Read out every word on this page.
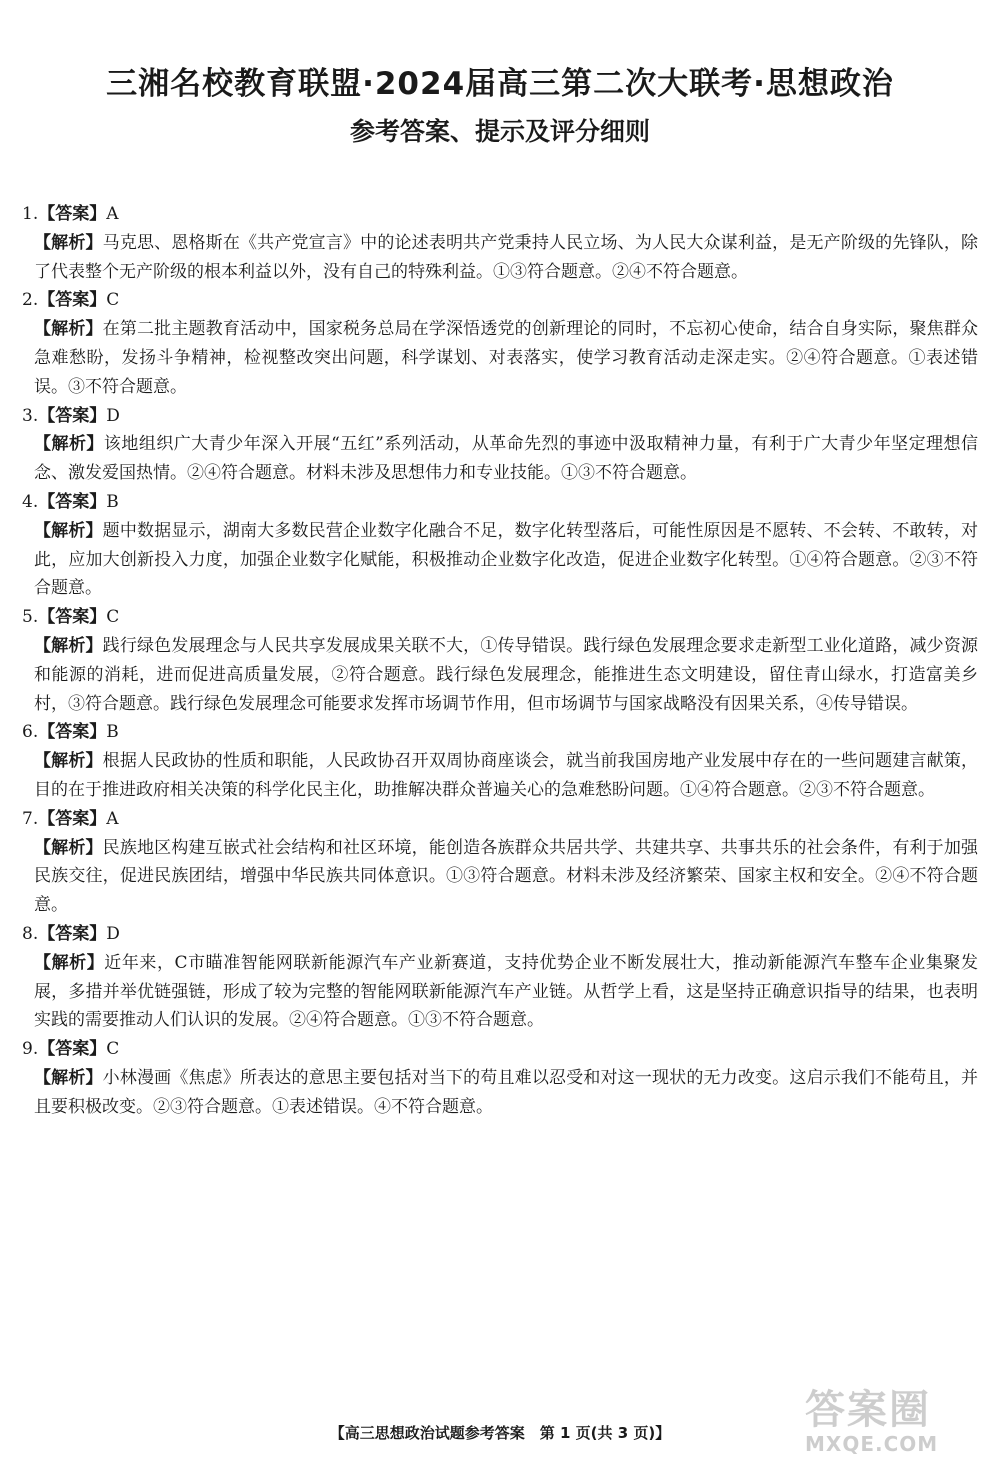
三湘名校教育联盟·2024届高三第二次大联考·思想政治
参考答案、提示及评分细则

1.【答案】A

【解析】马克思、恩格斯在《共产党宣言》中的论述表明共产党秉持人民立场、为人民大众谋利益，是无产阶级的先锋队，除了代表整个无产阶级的根本利益以外，没有自己的特殊利益。①③符合题意。②④不符合题意。

2.【答案】C

【解析】在第二批主题教育活动中，国家税务总局在学深悟透党的创新理论的同时，不忘初心使命，结合自身实际，聚焦群众急难愁盼，发扬斗争精神，检视整改突出问题，科学谋划、对表落实，使学习教育活动走深走实。②④符合题意。①表述错误。③不符合题意。

3.【答案】D

【解析】该地组织广大青少年深入开展“五红”系列活动，从革命先烈的事迹中汲取精神力量，有利于广大青少年坚定理想信念、激发爱国热情。②④符合题意。材料未涉及思想伟力和专业技能。①③不符合题意。

4.【答案】B

【解析】题中数据显示，湖南大多数民营企业数字化融合不足，数字化转型落后，可能性原因是不愿转、不会转、不敢转，对此，应加大创新投入力度，加强企业数字化赋能，积极推动企业数字化改造，促进企业数字化转型。①④符合题意。②③不符合题意。

5.【答案】C

【解析】践行绿色发展理念与人民共享发展成果关联不大，①传导错误。践行绿色发展理念要求走新型工业化道路，减少资源和能源的消耗，进而促进高质量发展，②符合题意。践行绿色发展理念，能推进生态文明建设，留住青山绿水，打造富美乡村，③符合题意。践行绿色发展理念可能要求发挥市场调节作用，但市场调节与国家战略没有因果关系，④传导错误。

6.【答案】B

【解析】根据人民政协的性质和职能，人民政协召开双周协商座谈会，就当前我国房地产业发展中存在的一些问题建言献策，目的在于推进政府相关决策的科学化民主化，助推解决群众普遍关心的急难愁盼问题。①④符合题意。②③不符合题意。

7.【答案】A

【解析】民族地区构建互嵌式社会结构和社区环境，能创造各族群众共居共学、共建共享、共事共乐的社会条件，有利于加强民族交往，促进民族团结，增强中华民族共同体意识。①③符合题意。材料未涉及经济繁荣、国家主权和安全。②④不符合题意。

8.【答案】D

【解析】近年来，C市瞄准智能网联新能源汽车产业新赛道，支持优势企业不断发展壮大，推动新能源汽车整车企业集聚发展，多措并举优链强链，形成了较为完整的智能网联新能源汽车产业链。从哲学上看，这是坚持正确意识指导的结果，也表明实践的需要推动人们认识的发展。②④符合题意。①③不符合题意。

9.【答案】C

【解析】小林漫画《焦虑》所表达的意思主要包括对当下的苟且难以忍受和对这一现状的无力改变。这启示我们不能苟且，并且要积极改变。②③符合题意。①表述错误。④不符合题意。

【高三思想政治试题参考答案　第 1 页(共 3 页)】	答案圈
MXQE.COM
